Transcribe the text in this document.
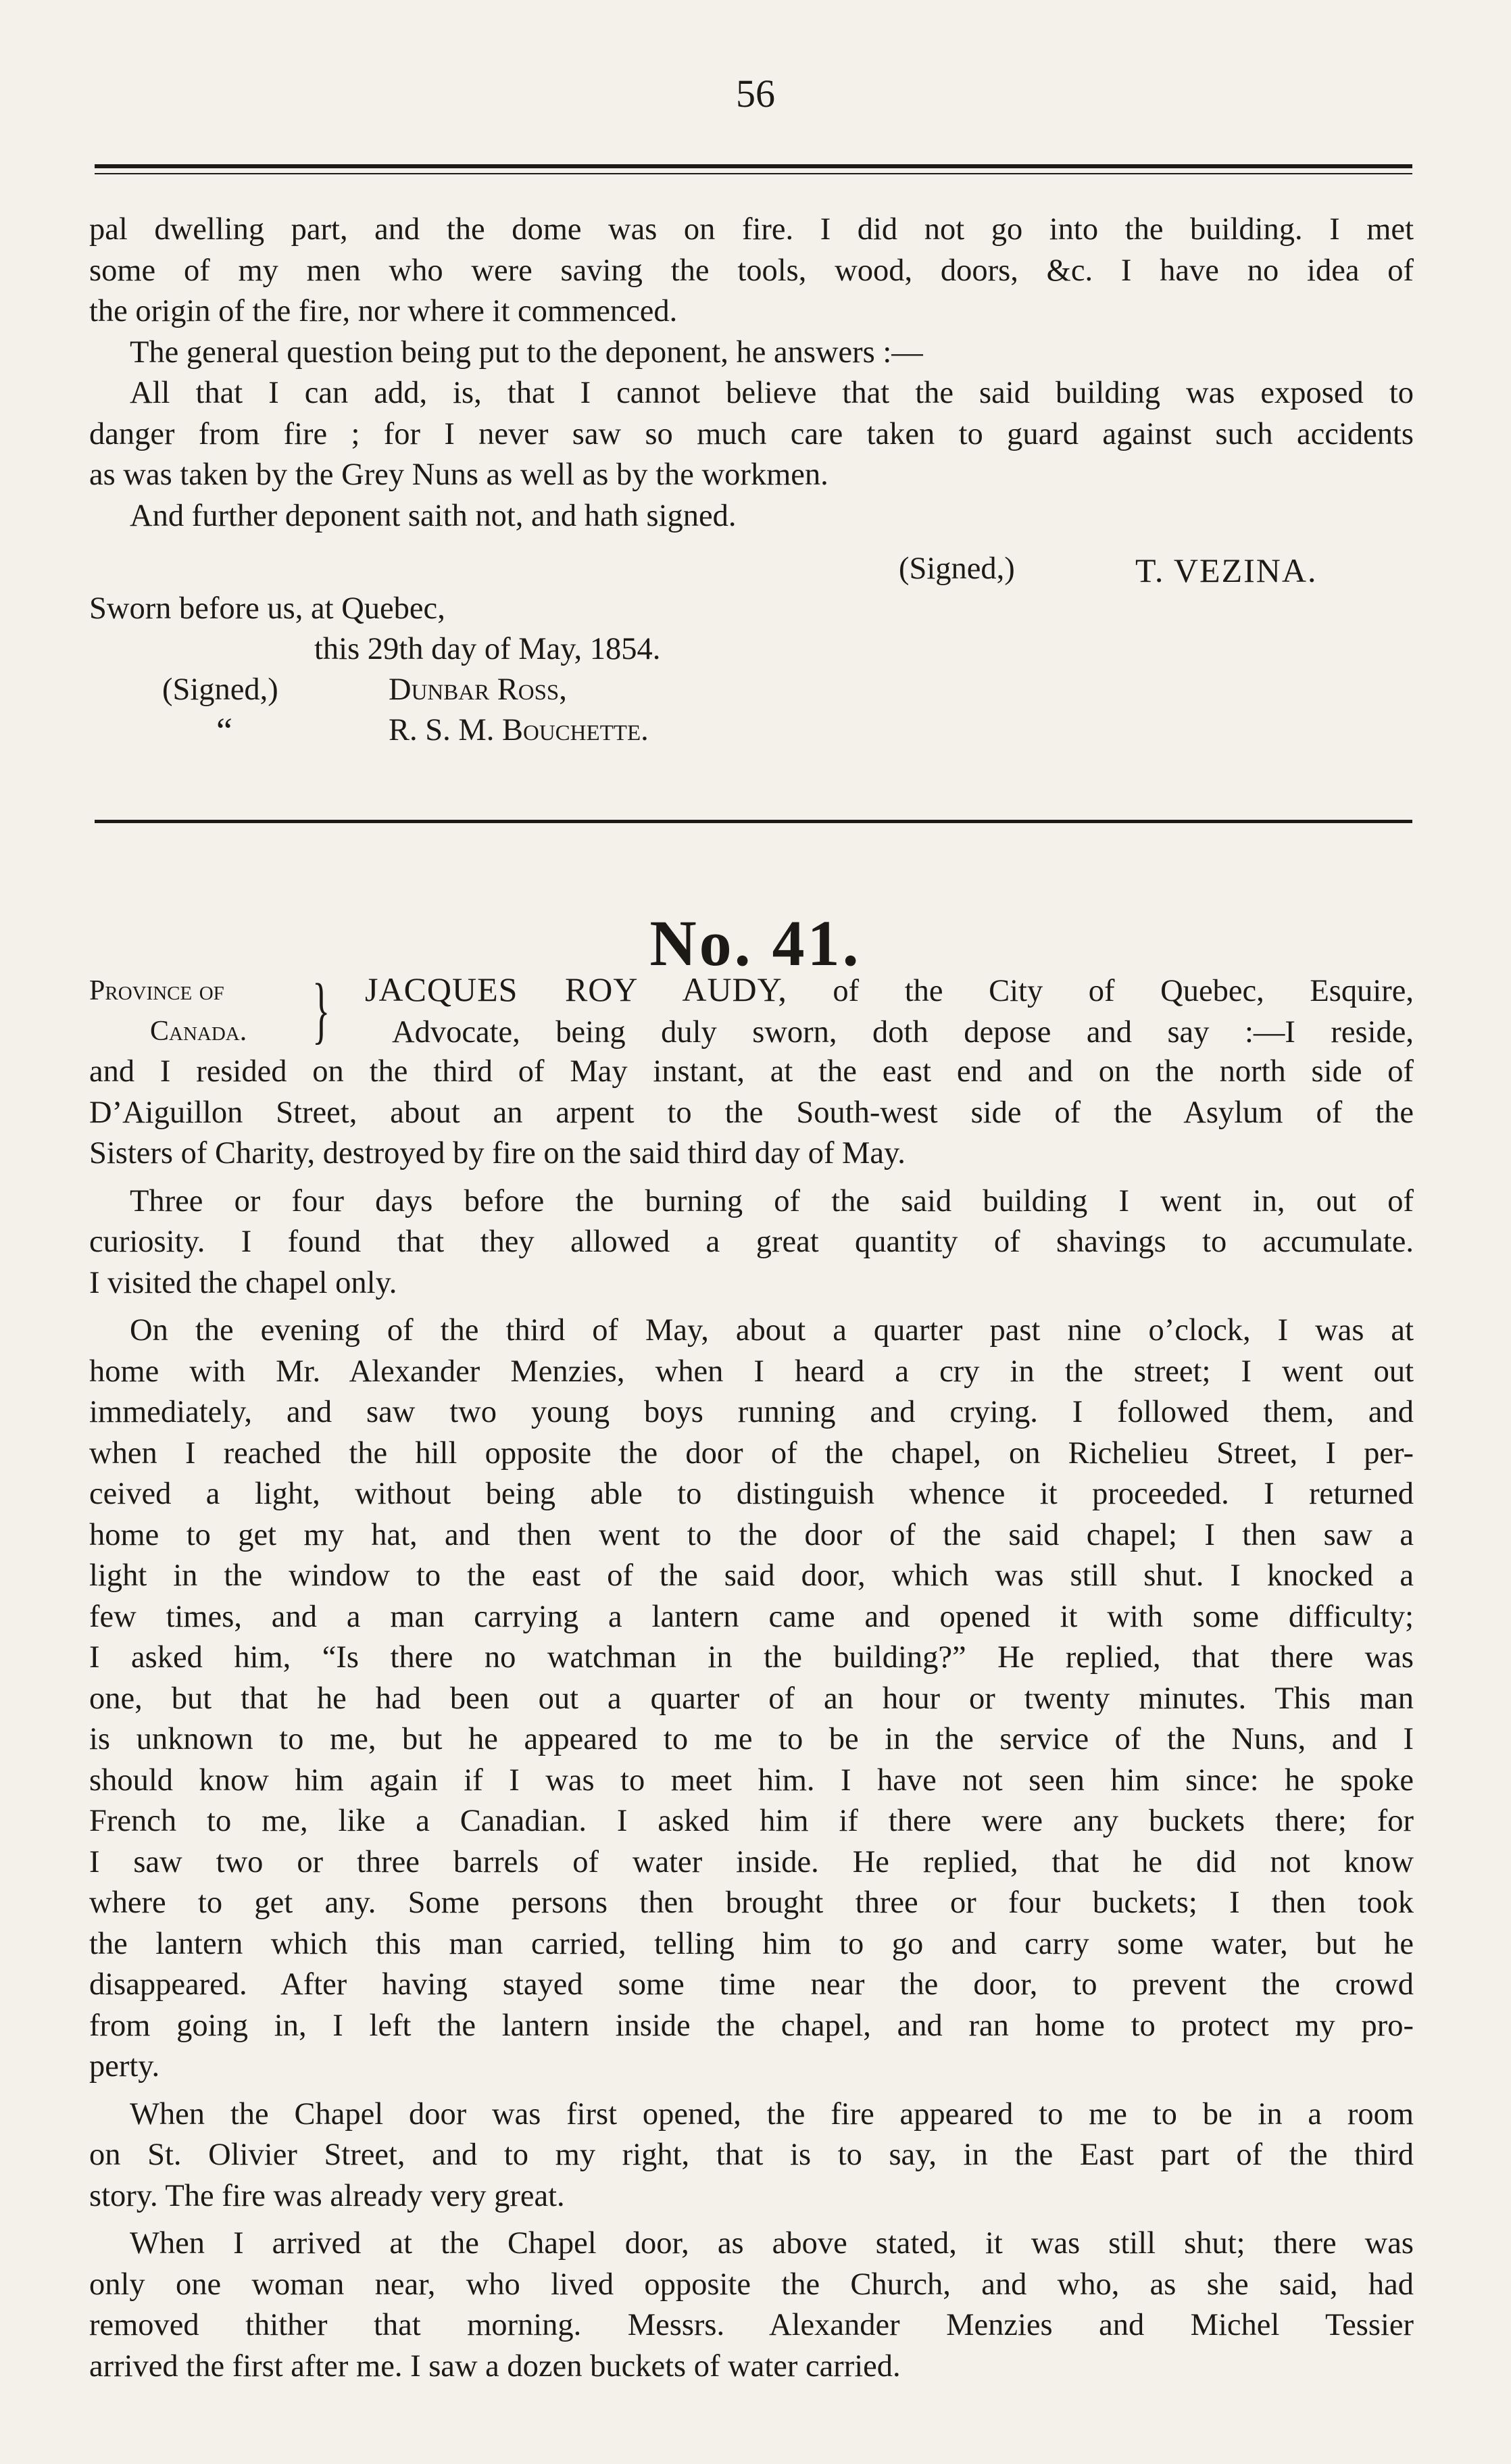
56

pal dwelling part, and the dome was on fire. I did not go into the building. I met

some of my men who were saving the tools, wood, doors, &c. I have no idea of

the origin of the fire, nor where it commenced.

The general question being put to the deponent, he answers :—

All that I can add, is, that I cannot believe that the said building was exposed to

danger from fire ; for I never saw so much care taken to guard against such accidents

as was taken by the Grey Nuns as well as by the workmen.

And further deponent saith not, and hath signed.

(Signed,)	T. VEZINA.
Sworn before us, at Quebec,
this 29th day of May, 1854.
(Signed,)	Dunbar Ross,
“	R. S. M. Bouchette.
No. 41.
Province of
Canada. } JACQUES ROY AUDY, of the City of Quebec, Esquire,

Advocate, being duly sworn, doth depose and say :—I reside,

and I resided on the third of May instant, at the east end and on the north side of

D’Aiguillon Street, about an arpent to the South-west side of the Asylum of the

Sisters of Charity, destroyed by fire on the said third day of May.

Three or four days before the burning of the said building I went in, out of

curiosity. I found that they allowed a great quantity of shavings to accumulate.

I visited the chapel only.

On the evening of the third of May, about a quarter past nine o’clock, I was at

home with Mr. Alexander Menzies, when I heard a cry in the street; I went out

immediately, and saw two young boys running and crying. I followed them, and

when I reached the hill opposite the door of the chapel, on Richelieu Street, I per-

ceived a light, without being able to distinguish whence it proceeded. I returned

home to get my hat, and then went to the door of the said chapel; I then saw a

light in the window to the east of the said door, which was still shut. I knocked a

few times, and a man carrying a lantern came and opened it with some difficulty;

I asked him, “Is there no watchman in the building?” He replied, that there was

one, but that he had been out a quarter of an hour or twenty minutes. This man

is unknown to me, but he appeared to me to be in the service of the Nuns, and I

should know him again if I was to meet him. I have not seen him since: he spoke

French to me, like a Canadian. I asked him if there were any buckets there; for

I saw two or three barrels of water inside. He replied, that he did not know

where to get any. Some persons then brought three or four buckets; I then took

the lantern which this man carried, telling him to go and carry some water, but he

disappeared. After having stayed some time near the door, to prevent the crowd

from going in, I left the lantern inside the chapel, and ran home to protect my pro-

perty.

When the Chapel door was first opened, the fire appeared to me to be in a room

on St. Olivier Street, and to my right, that is to say, in the East part of the third

story. The fire was already very great.

When I arrived at the Chapel door, as above stated, it was still shut; there was

only one woman near, who lived opposite the Church, and who, as she said, had

removed thither that morning. Messrs. Alexander Menzies and Michel Tessier

arrived the first after me. I saw a dozen buckets of water carried.
